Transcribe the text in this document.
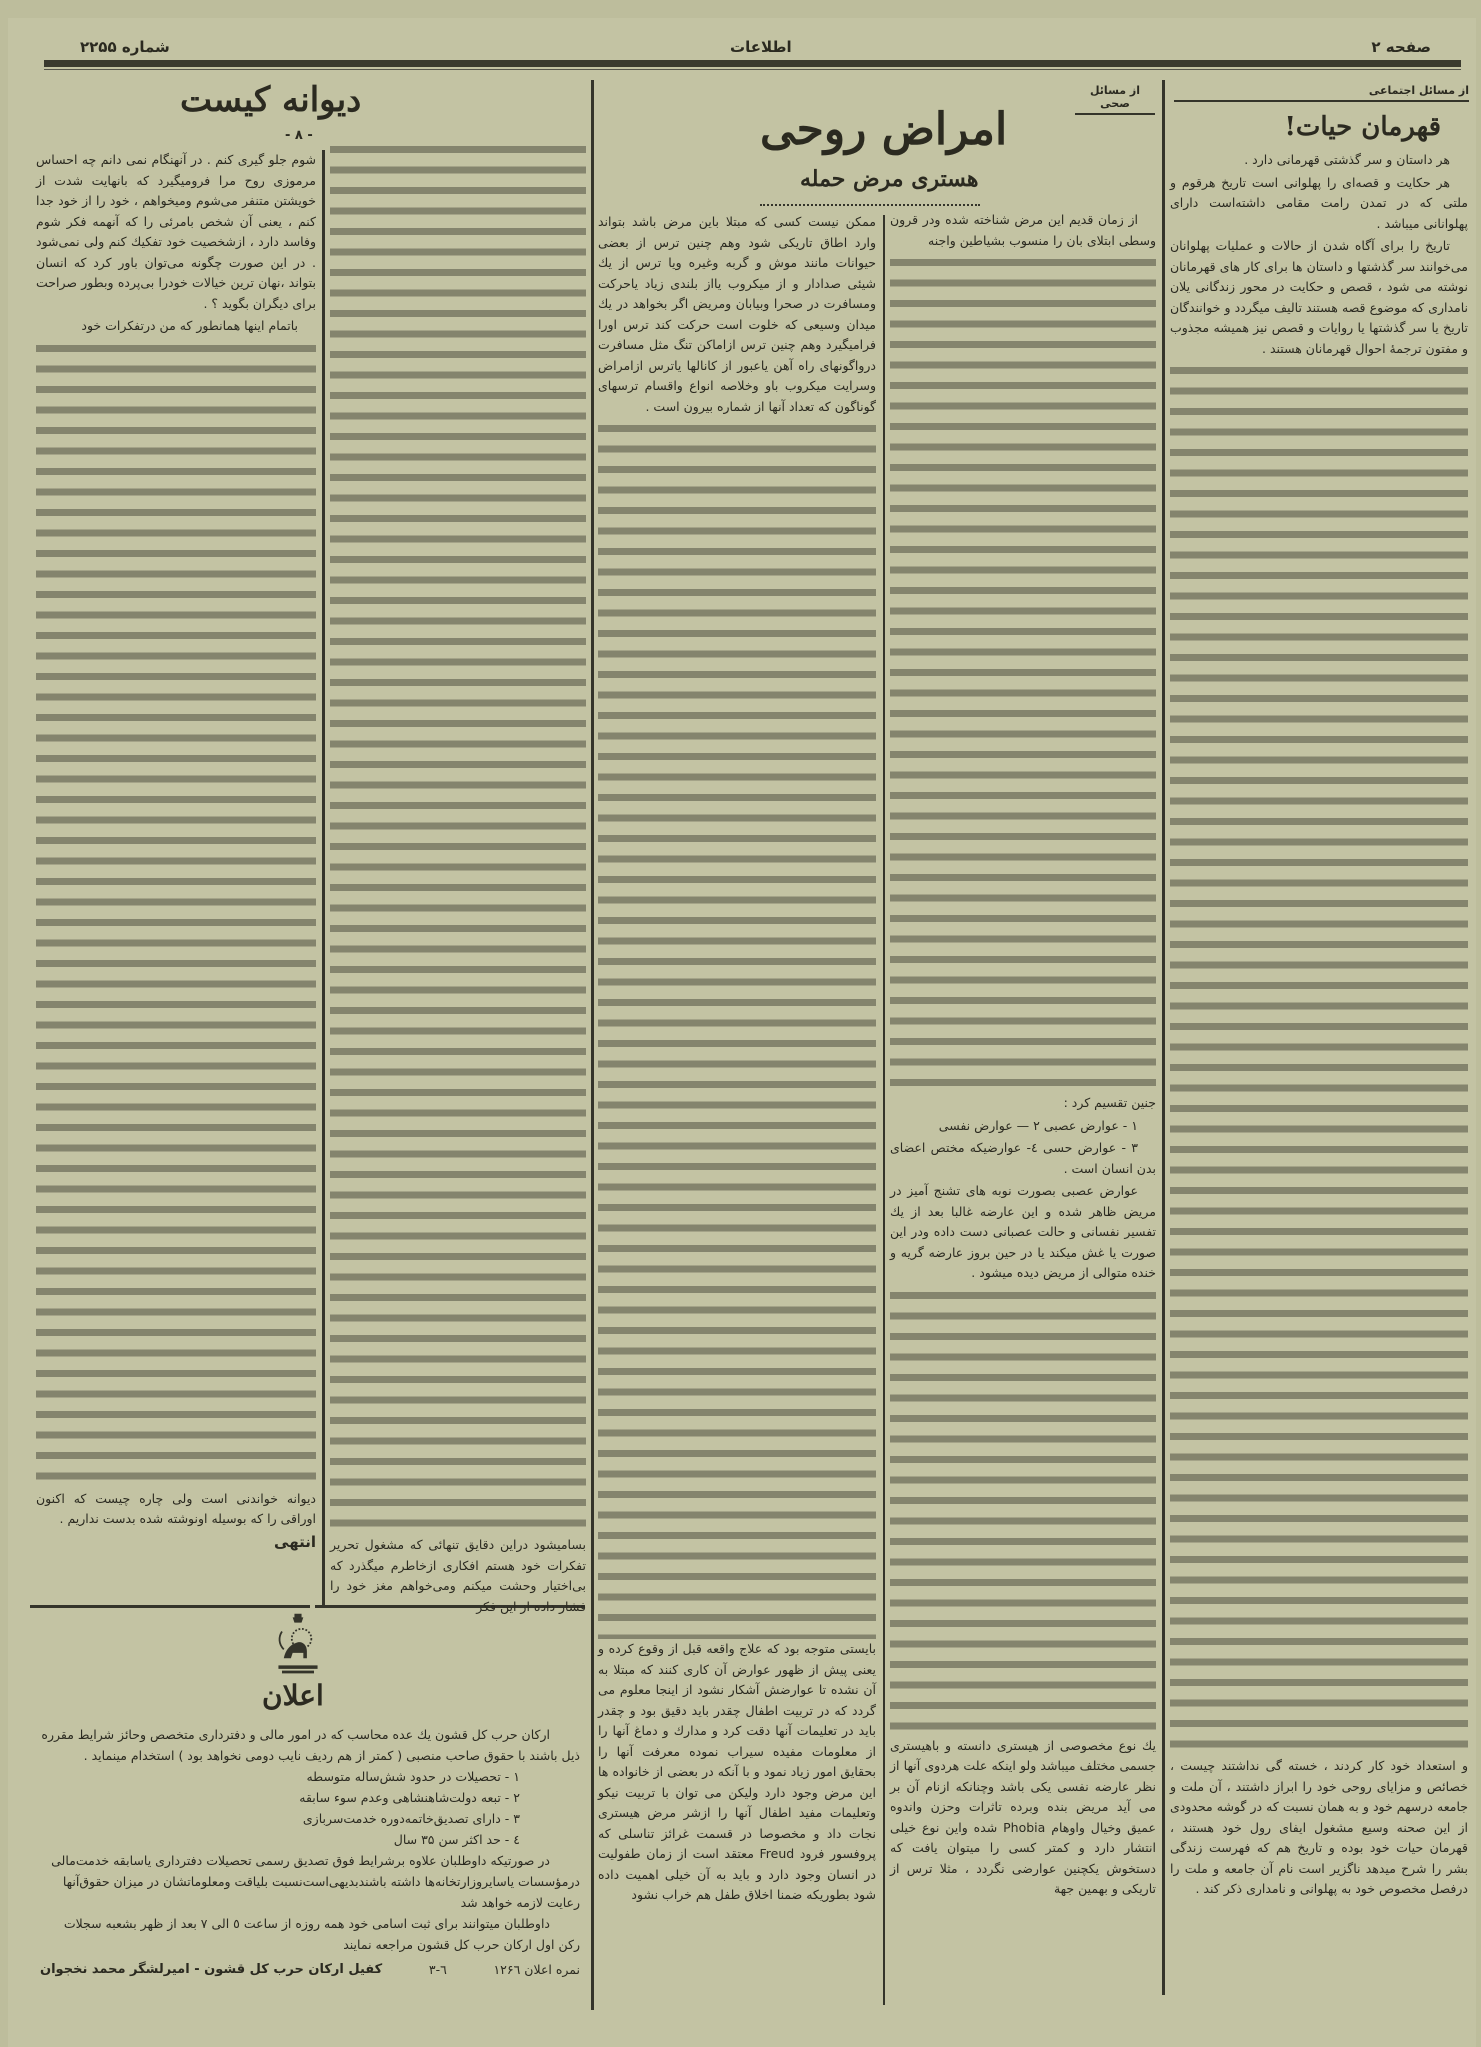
صفحه ۲
اطلاعات
شماره ۲۲۵۵
از مسائل اجتماعی
قهرمان حیات!

هر داستان و سر گذشتی قهرمانی دارد .

هر حکایت و قصه‌ای را پهلوانی است تاریخ هرقوم و ملتی که در تمدن رامت مقامی داشته‌است دارای پهلوانانی میباشد .

تاریخ را برای آگاه شدن از حالات و عملیات پهلوانان می‌خوانند سر گذشتها و داستان ها برای کار های قهرمانان نوشته می شود ، قصص و حکایت در محور زندگانی یلان نامداری که موضوع قصه هستند تالیف میگردد و خوانندگان تاریخ یا سر گذشتها یا روایات و قصص نیز همیشه مجذوب و مفتون ترجمهٔ احوال قهرمانان هستند .

و استعداد خود کار کردند ، خسته گی نداشتند چیست ، خصائص و مزایای روحی خود را ابراز داشتند ، آن ملت و جامعه درسهم خود و به همان نسبت که در گوشه محدودی از این صحنه وسیع مشغول ایفای رول خود هستند ، قهرمان حیات خود بوده و تاریخ هم که فهرست زندگی بشر را شرح میدهد ناگزیر است نام آن جامعه و ملت را درفصل مخصوص خود به پهلوانی و نامداری ذکر کند .

از مسائل صحی
امراض روحی
هستری مرض حمله

از زمان قدیم این مرض شناخته شده ودر قرون وسطی ابتلای بان را منسوب بشیاطین واجنه

جنین تقسیم کرد :

۱ - عوارض عصبی ۲ — عوارض نفسی

۳ - عوارض حسی ٤- عوارضیکه مختص اعضای بدن انسان است .

عوارض عصبی بصورت نوبه های تشنج آمیز در مریض ظاهر شده و این عارضه غالبا بعد از یك تفسیر نفسانی و حالت عصبانی دست داده ودر این صورت یا غش میکند یا در حین بروز عارضه گریه و خنده متوالی از مریض دیده میشود .

یك نوع مخصوصی از هیستری دانسته و باهیستری جسمی مختلف میباشد ولو اینکه علت هردوی آنها از نظر عارضه نفسی یکی باشد وچنانکه ازنام آن بر می آید مریض بنده وبرده تاثرات وحزن واندوه عمیق وخیال واوهام Phobia شده واین نوع خیلی انتشار دارد و کمتر کسی را میتوان یافت که دستخوش یکچنین عوارضی نگردد ، مثلا ترس از تاریکی و بهمین جهة

ممکن نیست کسی که مبتلا باین مرض باشد بتواند وارد اطاق تاریکی شود وهم چنین ترس از بعضی حیوانات مانند موش و گربه وغیره ویا ترس از یك شیئی صدادار و از میکروب یااز بلندی زیاد یاحرکت ومسافرت در صحرا وبیابان ومریض اگر بخواهد در یك میدان وسیعی که خلوت است حرکت کند ترس اورا فرامیگیرد وهم چنین ترس ازاماکن تنگ مثل مسافرت درواگونهای راه آهن یاعبور از کانالها یاترس ازامراض وسرایت میکروب باو وخلاصه انواع واقسام ترسهای گوناگون که تعداد آنها از شماره بیرون است .

بایستی متوجه بود که علاج واقعه قبل از وقوع کرده و یعنی پیش از ظهور عوارض آن کاری کنند که مبتلا به آن نشده تا عوارضش آشکار نشود از اینجا معلوم می گردد که در تربیت اطفال چقدر باید دقیق بود و چقدر باید در تعلیمات آنها دقت کرد و مدارك و دماغ آنها را از معلومات مفیده سیراب نموده معرفت آنها را بحقایق امور زیاد نمود و با آنکه در بعضی از خانواده ها این مرض وجود دارد ولیکن می توان با تربیت نیکو وتعلیمات مفید اطفال آنها را ازشر مرض هیستری نجات داد و مخصوصا در قسمت غرائز تناسلی که پروفسور فرود Freud معتقد است از زمان طفولیت در انسان وجود دارد و باید به آن خیلی اهمیت داده شود بطوریکه ضمنا اخلاق طفل هم خراب نشود

دیوانه کیست
- ۸ -

بسامیشود دراین دقایق تنهائی که مشغول تحریر تفکرات خود هستم افکاری ازخاطرم میگذرد که بی‌اختیار وحشت میکنم ومی‌خواهم مغز خود را فشار داده از این فکر

شوم جلو گیری کنم . در آنهنگام نمی دانم چه احساس مرموزی روح مرا فرومیگیرد که بانهایت شدت از خویشتن متنفر می‌شوم ومیخواهم ، خود را از خود جدا کنم ، یعنی آن شخص بامرئی را که آنهمه فکر شوم وفاسد دارد ، ازشخصیت خود تفکیك کنم ولی نمی‌شود . در این صورت چگونه می‌توان باور کرد که انسان بتواند ،نهان ترین خیالات خودرا بی‌پرده وبطور صراحت برای دیگران بگوید ؟ .

باتمام اینها همانطور که من درتفکرات خود

دیوانه خواندنی است ولی چاره چیست که اکنون اوراقی را که بوسیله اونوشته شده بدست نداریم .

انتهی

اعلان

ارکان حرب کل قشون یك عده محاسب که در امور مالی و دفترداری متخصص وحائز شرایط مقرره ذیل باشند با حقوق صاحب منصبی ( کمتر از هم ردیف نایب دومی نخواهد بود ) استخدام مینماید .

۱ - تحصیلات در حدود شش‌ساله متوسطه

۲ - تبعه دولت‌شاهنشاهی وعدم سوء سابقه

۳ - دارای تصدیق‌خاتمه‌دوره خدمت‌سربازی

٤ - حد اکثر سن ۳۵ سال

در صورتیکه داوطلبان علاوه برشرایط فوق تصدیق رسمی تحصیلات دفترداری یاسابقه خدمت‌مالی درمؤسسات یاسایروزارتخانه‌ها داشته باشندبدیهی‌است‌نسبت بلیاقت ومعلوماتشان در میزان حقوق‌آنها رعایت لازمه خواهد شد

داوطلبان میتوانند برای ثبت اسامی خود همه روزه از ساعت ٥ الی ۷ بعد از ظهر بشعبه سجلات رکن اول ارکان حرب کل قشون مراجعه نمایند

نمره اعلان ۱۲۶٦
٦-۳
کفیل ارکان حرب کل قشون - امیرلشگر محمد نخجوان
